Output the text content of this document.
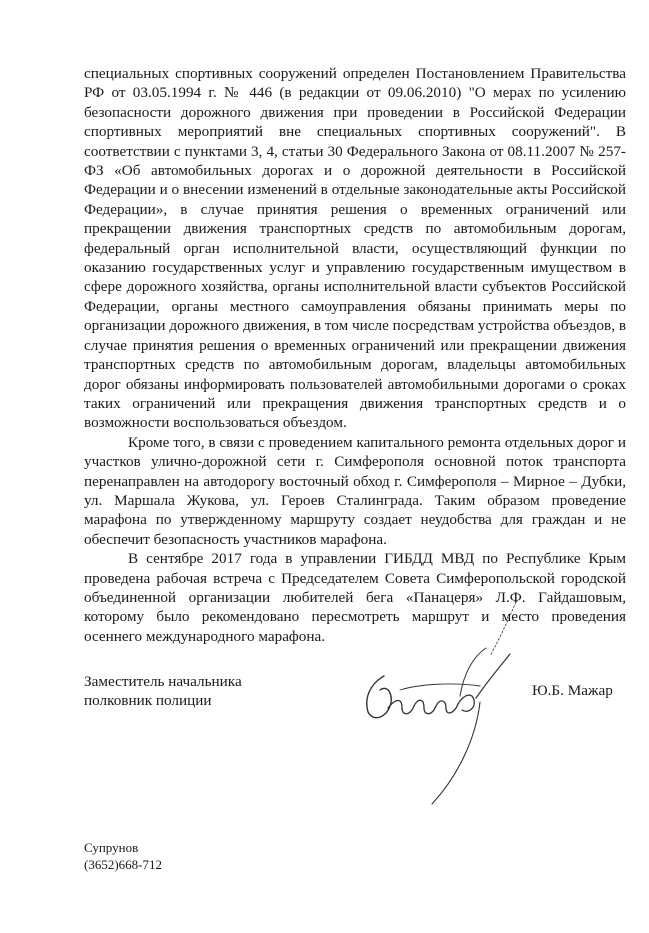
специальных спортивных сооружений определен Постановлением Правительства РФ от 03.05.1994 г. № 446 (в редакции от 09.06.2010) "О мерах по усилению безопасности дорожного движения при проведении в Российской Федерации спортивных мероприятий вне специальных спортивных сооружений". В соответствии с пунктами 3, 4, статьи 30 Федерального Закона от 08.11.2007 № 257-ФЗ «Об автомобильных дорогах и о дорожной деятельности в Российской Федерации и о внесении изменений в отдельные законодательные акты Российской Федерации», в случае принятия решения о временных ограничений или прекращении движения транспортных средств по автомобильным дорогам, федеральный орган исполнительной власти, осуществляющий функции по оказанию государственных услуг и управлению государственным имуществом в сфере дорожного хозяйства, органы исполнительной власти субъектов Российской Федерации, органы местного самоуправления обязаны принимать меры по организации дорожного движения, в том числе посредствам устройства объездов, в случае принятия решения о временных ограничений или прекращении движения транспортных средств по автомобильным дорогам, владельцы автомобильных дорог обязаны информировать пользователей автомобильными дорогами о сроках таких ограничений или прекращения движения транспортных средств и о возможности воспользоваться объездом.

Кроме того, в связи с проведением капитального ремонта отдельных дорог и участков улично-дорожной сети г. Симферополя основной поток транспорта перенаправлен на автодорогу восточный обход г. Симферополя – Мирное – Дубки, ул. Маршала Жукова, ул. Героев Сталинграда. Таким образом проведение марафона по утвержденному маршруту создает неудобства для граждан и не обеспечит безопасность участников марафона.

В сентябре 2017 года в управлении ГИБДД МВД по Республике Крым проведена рабочая встреча с Председателем Совета Симферопольской городской объединенной организации любителей бега «Панацеря» Л.Ф. Гайдашовым, которому было рекомендовано пересмотреть маршрут и место проведения осеннего международного марафона.

Заместитель начальника
полковник полиции
Ю.Б. Мажар
Супрунов
(3652)668-712
